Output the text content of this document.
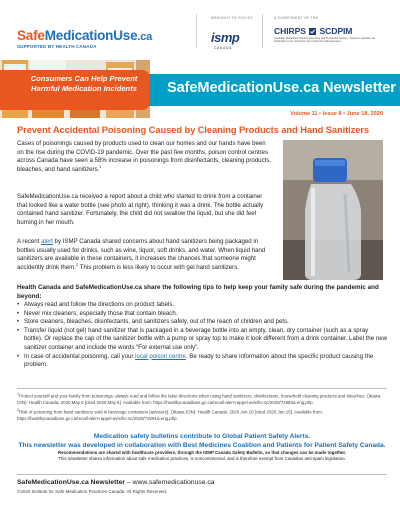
SafeMedicationUse.ca
SUPPORTED BY HEALTH CANADA
BROUGHT TO YOU BY
ismp
CANADA
A COMPONENT OF THE
CHIRPS SCDPIM
Canadian Medication Incident Reporting and Prevention System / Système canadien de déclaration et de prévention des incidents médicamenteux
Consumers Can Help Prevent Harmful Medication Incidents	SafeMedicationUse.ca Newsletter
Volume 11 • Issue 8 • June 18, 2020
Prevent Accidental Poisoning Caused by Cleaning Products and Hand Sanitizers
Cases of poisonings caused by products used to clean our homes and our hands have been on the rise during the COVID-19 pandemic. Over the past few months, poison control centres across Canada have seen a 58% increase in poisonings from disinfectants, cleaning products, bleaches, and hand sanitizers.$^1$
SafeMedicationUse.ca received a report about a child who started to drink from a container that looked like a water bottle (see photo at right), thinking it was a drink. The bottle actually contained hand sanitizer. Fortunately, the child did not swallow the liquid, but she did feel burning in her mouth.
A recent alert by ISMP Canada shared concerns about hand sanitizers being packaged in bottles usually used for drinks, such as wine, liquor, soft drinks, and water. When liquid hand sanitizers are available in these containers, it increases the chances that someone might accidently drink them.$^2$ This problem is less likely to occur with gel hand sanitizers.
Health Canada and SafeMedicationUse.ca share the following tips to help keep your family safe during the pandemic and beyond:
• Always read and follow the directions on product labels.
• Never mix cleaners, especially those that contain bleach.
• Store cleaners, bleaches, disinfectants, and sanitizers safely, out of the reach of children and pets.
• Transfer liquid (not gel) hand sanitizer that is packaged in a beverage bottle into an empty, clean, dry container (such as a spray bottle). Or replace the cap of the sanitizer bottle with a pump or spray top to make it look different from a drink container. Label the new sanitizer container and include the words “For external use only”.
• In case of accidental poisoning, call your local poison centre. Be ready to share information about the specific product causing the problem.

$^1$Protect yourself and your family from poisonings: always read and follow the label directions when using hand sanitizers, disinfectants, household cleaning products and bleaches. Ottawa (ON): Health Canada; 2020 May 5 [cited 2020 May 8]. Available from: https://healthycanadians.gc.ca/recall-alert-rappel-avis/hc-sc/2020/72983a-eng.php

$^2$Risk of poisoning from hand sanitizers sold in beverage containers [advisory]. Ottawa (ON): Health Canada. 2020 Jun 10 [cited 2020 Jun 15]. Available from: https://healthycanadians.gc.ca/recall-alert-rappel-avis/hc-sc/2020/73291a-eng.php

Medication safety bulletins contribute to Global Patient Safety Alerts.
This newsletter was developed in collaboration with Best Medicines Coalition and Patients for Patient Safety Canada.
Recommendations are shared with healthcare providers, through the ISMP Canada Safety Bulletin, so that changes can be made together.
This newsletter shares information about safe medication practices, is noncommercial, and is therefore exempt from Canadian anti-spam legislation.
SafeMedicationUse.ca Newsletter – www.safemedicationuse.ca
©2020 Institute for Safe Medication Practices Canada. All Rights Reserved.
